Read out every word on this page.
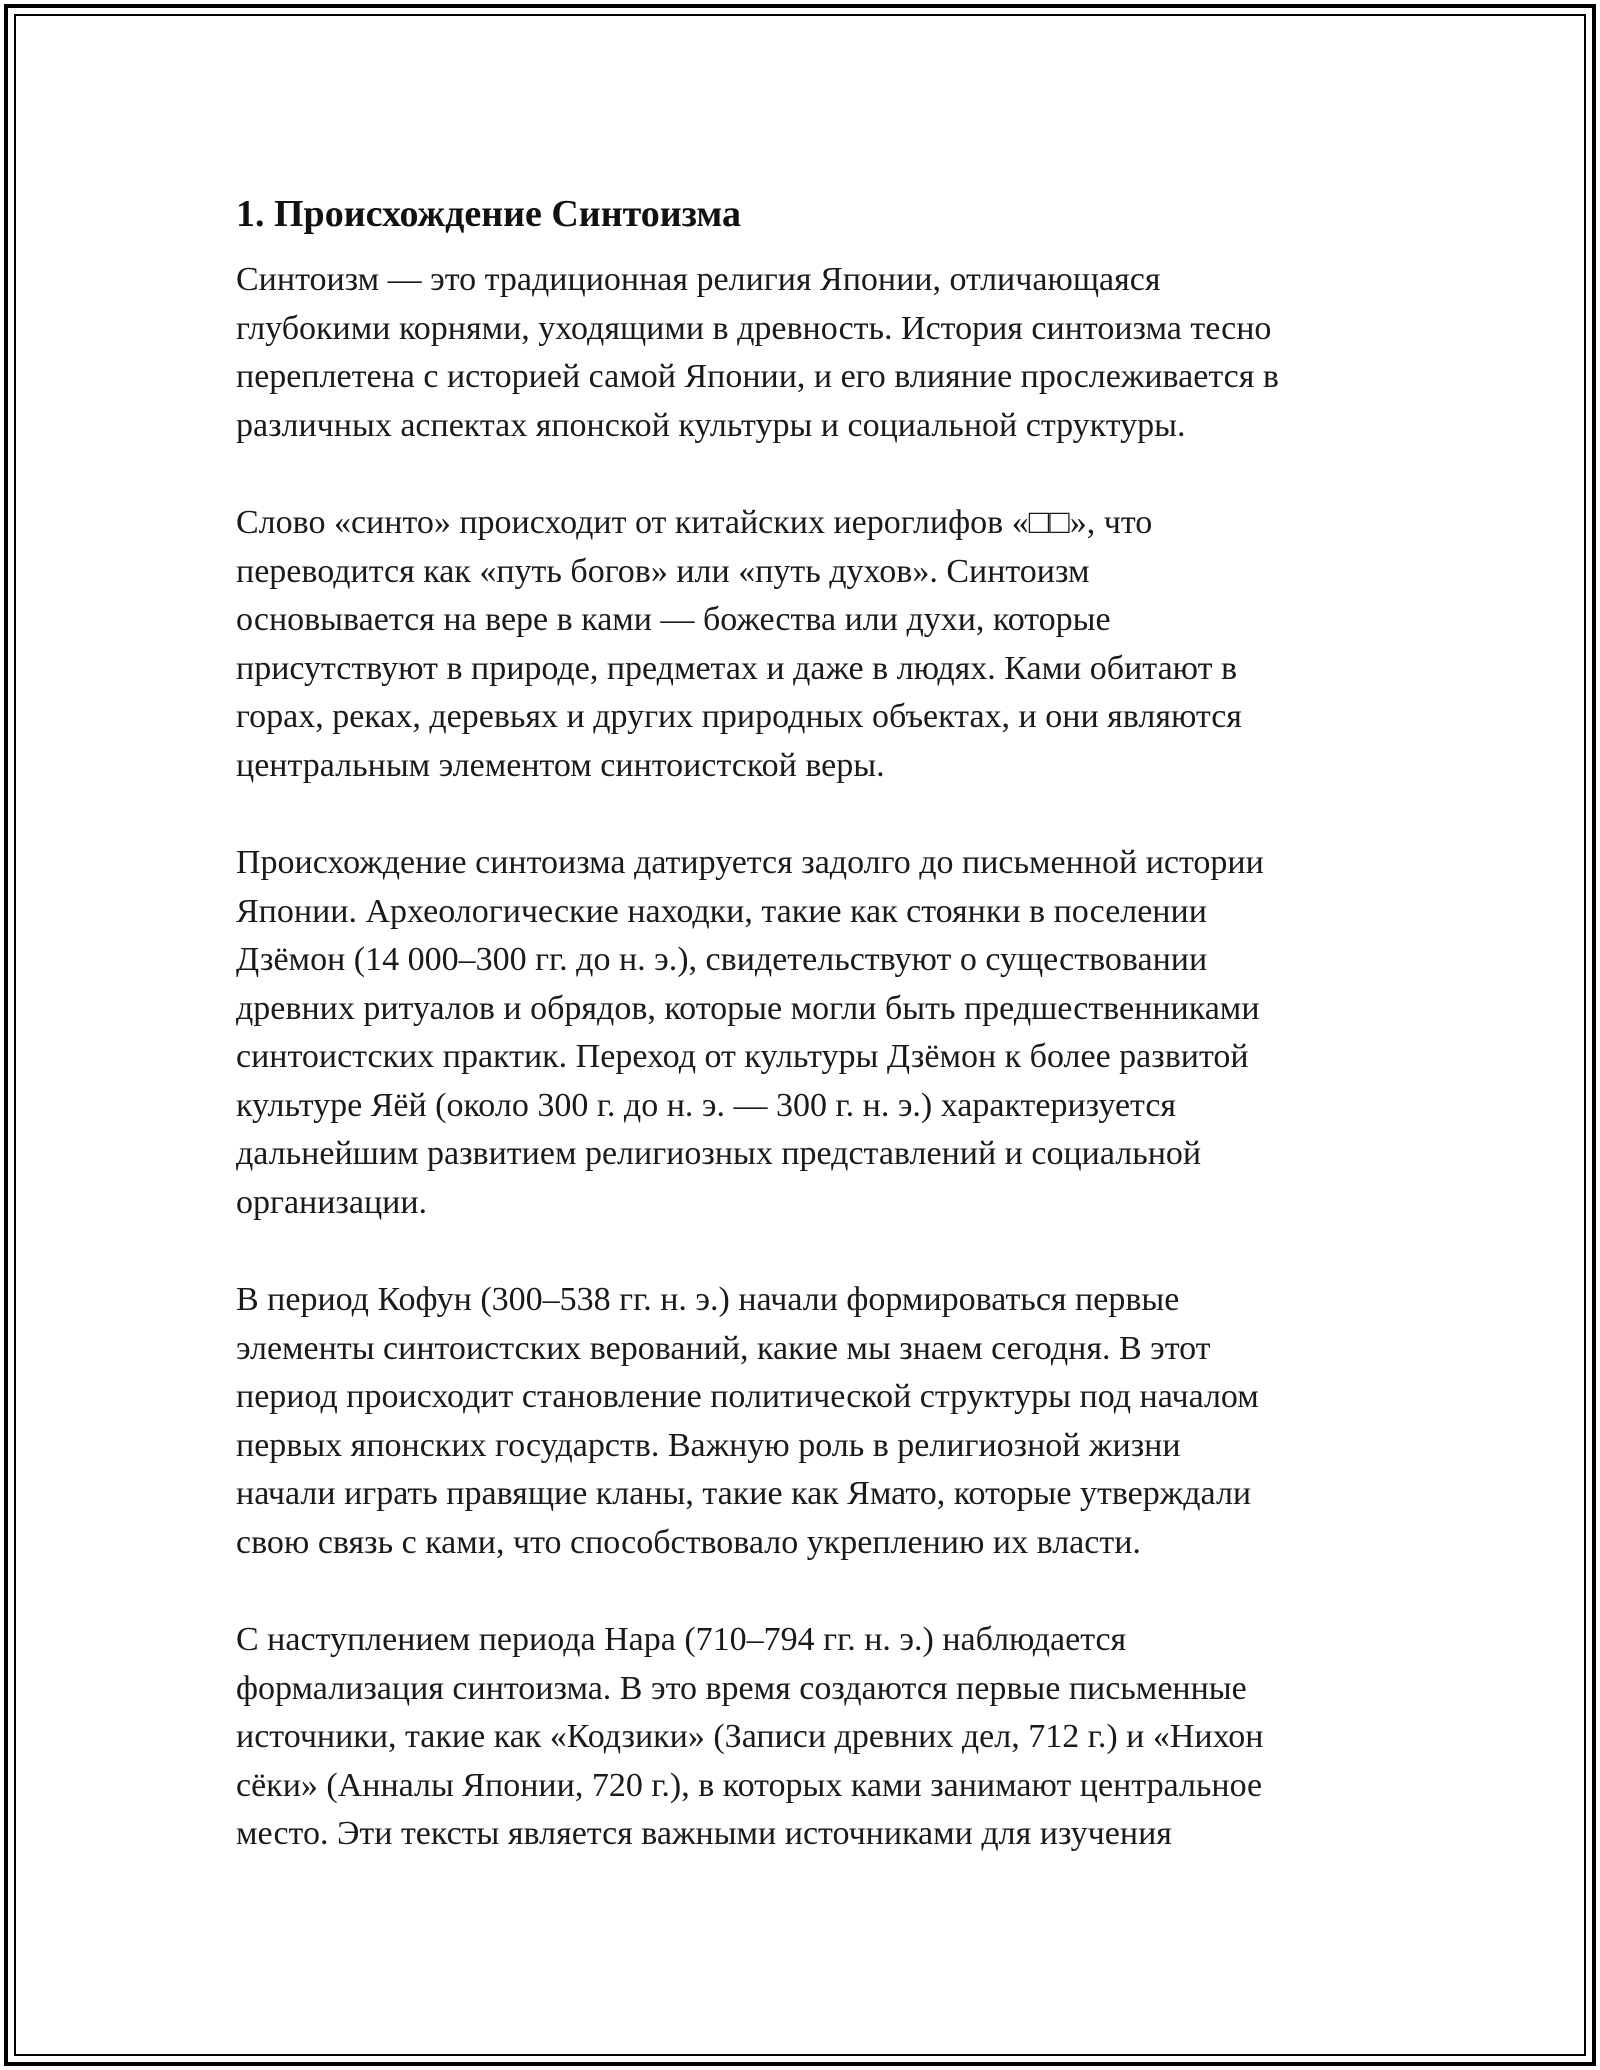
1. Происхождение Синтоизма

Синтоизм — это традиционная религия Японии, отличающаяся
глубокими корнями, уходящими в древность. История синтоизма тесно
переплетена с историей самой Японии, и его влияние прослеживается в
различных аспектах японской культуры и социальной структуры.

Слово «синто» происходит от китайских иероглифов «□□», что
переводится как «путь богов» или «путь духов». Синтоизм
основывается на вере в ками — божества или духи, которые
присутствуют в природе, предметах и даже в людях. Ками обитают в
горах, реках, деревьях и других природных объектах, и они являются
центральным элементом синтоистской веры.

Происхождение синтоизма датируется задолго до письменной истории
Японии. Археологические находки, такие как стоянки в поселении
Дзёмон (14 000–300 гг. до н. э.), свидетельствуют о существовании
древних ритуалов и обрядов, которые могли быть предшественниками
синтоистских практик. Переход от культуры Дзёмон к более развитой
культуре Яёй (около 300 г. до н. э. — 300 г. н. э.) характеризуется
дальнейшим развитием религиозных представлений и социальной
организации.

В период Кофун (300–538 гг. н. э.) начали формироваться первые
элементы синтоистских верований, какие мы знаем сегодня. В этот
период происходит становление политической структуры под началом
первых японских государств. Важную роль в религиозной жизни
начали играть правящие кланы, такие как Ямато, которые утверждали
свою связь с ками, что способствовало укреплению их власти.

С наступлением периода Нара (710–794 гг. н. э.) наблюдается
формализация синтоизма. В это время создаются первые письменные
источники, такие как «Кодзики» (Записи древних дел, 712 г.) и «Нихон
сёки» (Анналы Японии, 720 г.), в которых ками занимают центральное
место. Эти тексты является важными источниками для изучения
